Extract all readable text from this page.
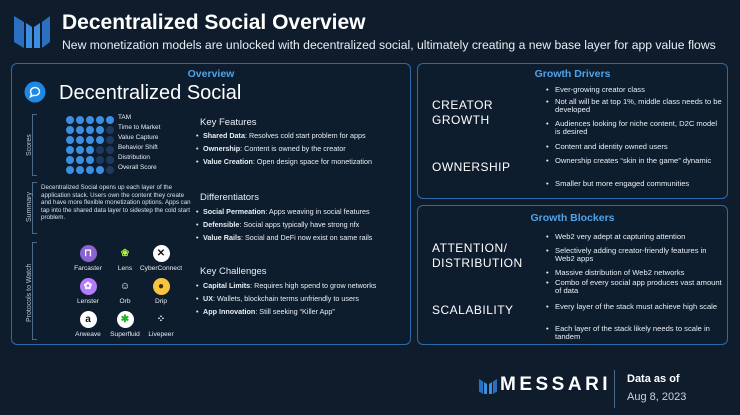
Decentralized Social Overview
New monetization models are unlocked with decentralized social, ultimately creating a new base layer for app value flows
Overview
Decentralized Social
Scores
Summary
Protocols to Watch
TAM
Time to Market
Value Capture
Behavior Shift
Distribution
Overall Score
Decentralized Social opens up each layer of the application stack. Users own the content they create and have more flexible monetization options. Apps can tap into the shared data layer to sidestep the cold start problem.
⊓
Farcaster
❀
Lens
✕
CyberConnect
✿
Lenster
☺
Orb
●
Drip
a
Arweave
✱
Superfluid
⁘
Livepeer
Key Features
• Shared Data: Resolves cold start problem for apps
• Ownership: Content is owned by the creator
• Value Creation: Open design space for monetization
Differentiators
• Social Permeation: Apps weaving in social features
• Defensible: Social apps typically have strong nfx
• Value Rails: Social and DeFi now exist on same rails
Key Challenges
• Capital Limits: Requires high spend to grow networks
• UX: Wallets, blockchain terms unfriendly to users
• App Innovation: Still seeking “Killer App”
Growth Drivers
CREATOR GROWTH
OWNERSHIP
• Ever-growing creator class
• Not all will be at top 1%, middle class needs to be developed
• Audiences looking for niche content, D2C model is desired
• Content and identity owned users
• Ownership creates “skin in the game” dynamic
• Smaller but more engaged communities
Growth Blockers
ATTENTION/ DISTRIBUTION
SCALABILITY
• Web2 very adept at capturing attention
• Selectively adding creator-friendly features in Web2 apps
• Massive distribution of Web2 networks
• Combo of every social app produces vast amount of data
• Every layer of the stack must achieve high scale
• Each layer of the stack likely needs to scale in tandem
MESSARI Data as of
Aug 8, 2023
